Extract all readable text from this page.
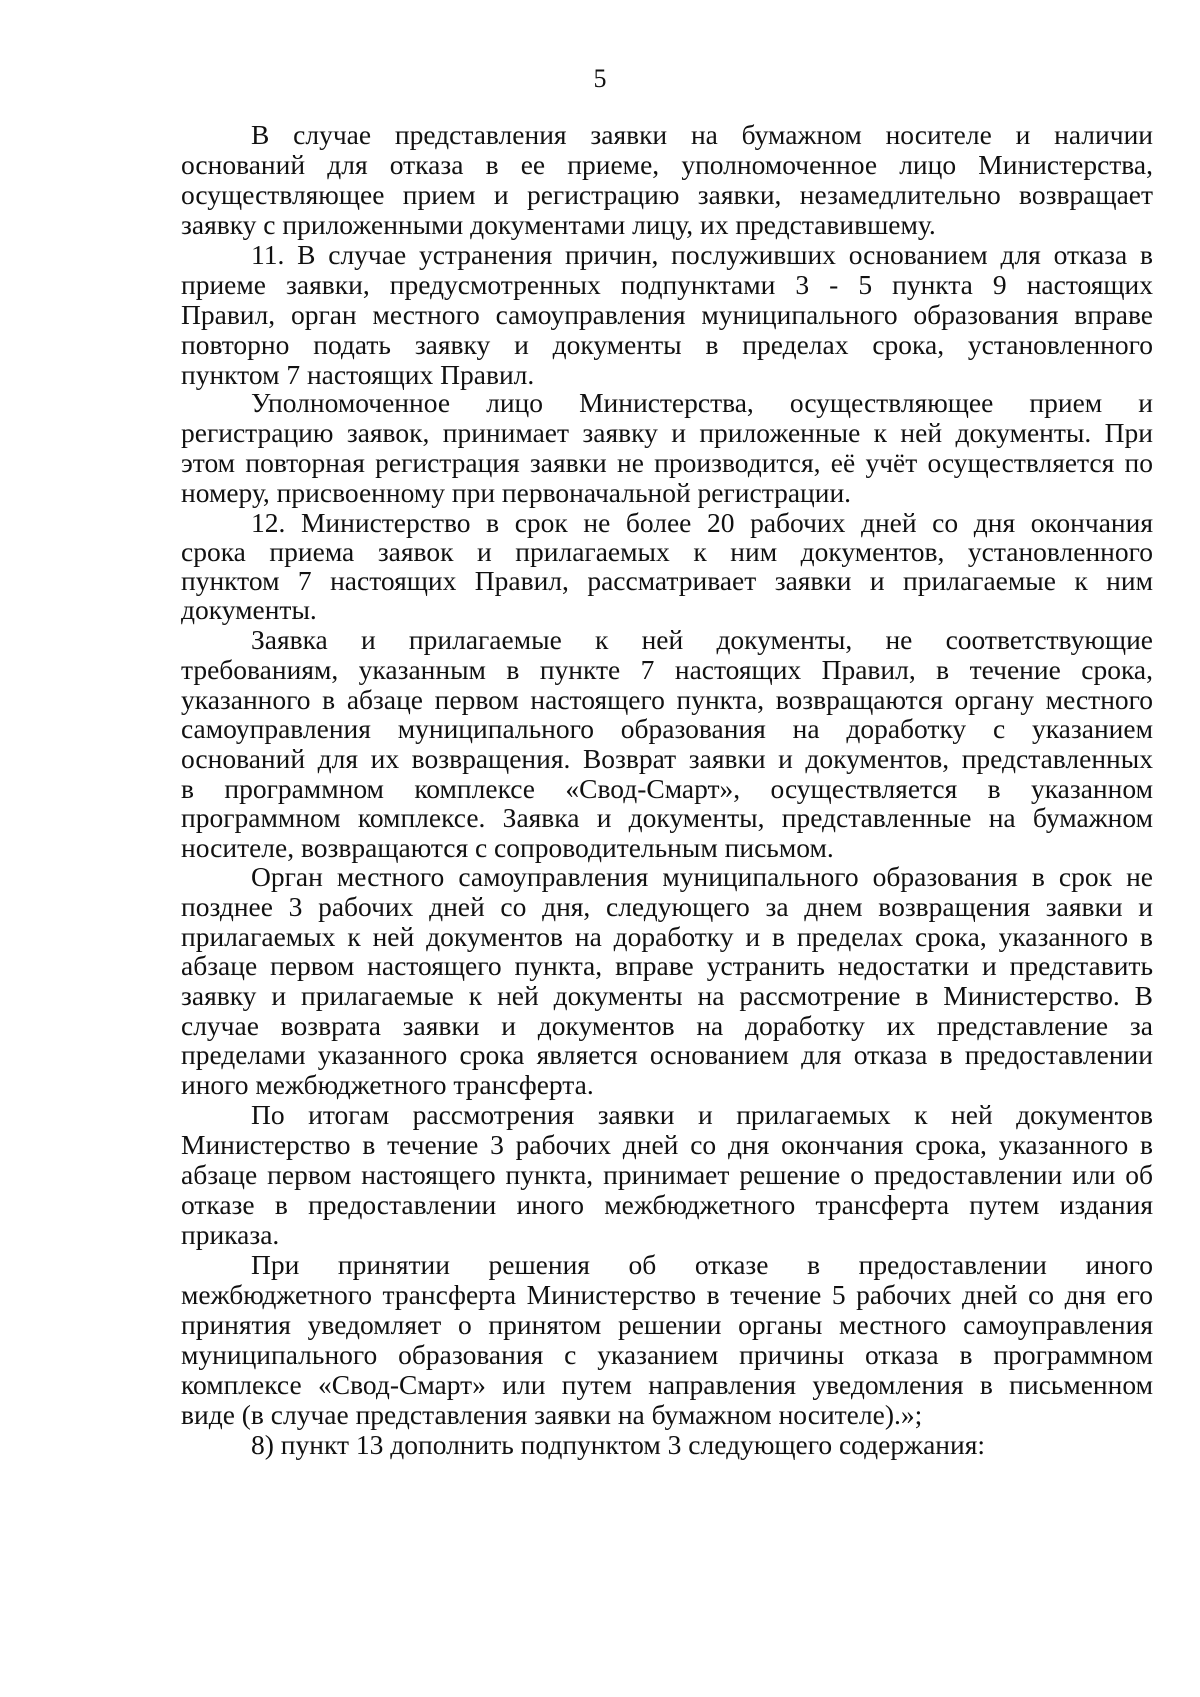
5
В случае представления заявки на бумажном носителе и наличии
оснований для отказа в ее приеме, уполномоченное лицо Министерства,
осуществляющее прием и регистрацию заявки, незамедлительно возвращает
заявку с приложенными документами лицу, их представившему.
11. В случае устранения причин, послуживших основанием для отказа в
приеме заявки, предусмотренных подпунктами 3 - 5 пункта 9 настоящих
Правил, орган местного самоуправления муниципального образования вправе
повторно подать заявку и документы в пределах срока, установленного
пунктом 7 настоящих Правил.
Уполномоченное лицо Министерства, осуществляющее прием и
регистрацию заявок, принимает заявку и приложенные к ней документы. При
этом повторная регистрация заявки не производится, её учёт осуществляется по
номеру, присвоенному при первоначальной регистрации.
12. Министерство в срок не более 20 рабочих дней со дня окончания
срока приема заявок и прилагаемых к ним документов, установленного
пунктом 7 настоящих Правил, рассматривает заявки и прилагаемые к ним
документы.
Заявка и прилагаемые к ней документы, не соответствующие
требованиям, указанным в пункте 7 настоящих Правил, в течение срока,
указанного в абзаце первом настоящего пункта, возвращаются органу местного
самоуправления муниципального образования на доработку с указанием
оснований для их возвращения. Возврат заявки и документов, представленных
в программном комплексе «Свод-Смарт», осуществляется в указанном
программном комплексе. Заявка и документы, представленные на бумажном
носителе, возвращаются с сопроводительным письмом.
Орган местного самоуправления муниципального образования в срок не
позднее 3 рабочих дней со дня, следующего за днем возвращения заявки и
прилагаемых к ней документов на доработку и в пределах срока, указанного в
абзаце первом настоящего пункта, вправе устранить недостатки и представить
заявку и прилагаемые к ней документы на рассмотрение в Министерство. В
случае возврата заявки и документов на доработку их представление за
пределами указанного срока является основанием для отказа в предоставлении
иного межбюджетного трансферта.
По итогам рассмотрения заявки и прилагаемых к ней документов
Министерство в течение 3 рабочих дней со дня окончания срока, указанного в
абзаце первом настоящего пункта, принимает решение о предоставлении или об
отказе в предоставлении иного межбюджетного трансферта путем издания
приказа.
При принятии решения об отказе в предоставлении иного
межбюджетного трансферта Министерство в течение 5 рабочих дней со дня его
принятия уведомляет о принятом решении органы местного самоуправления
муниципального образования с указанием причины отказа в программном
комплексе «Свод-Смарт» или путем направления уведомления в письменном
виде (в случае представления заявки на бумажном носителе).»;
8) пункт 13 дополнить подпунктом 3 следующего содержания:
